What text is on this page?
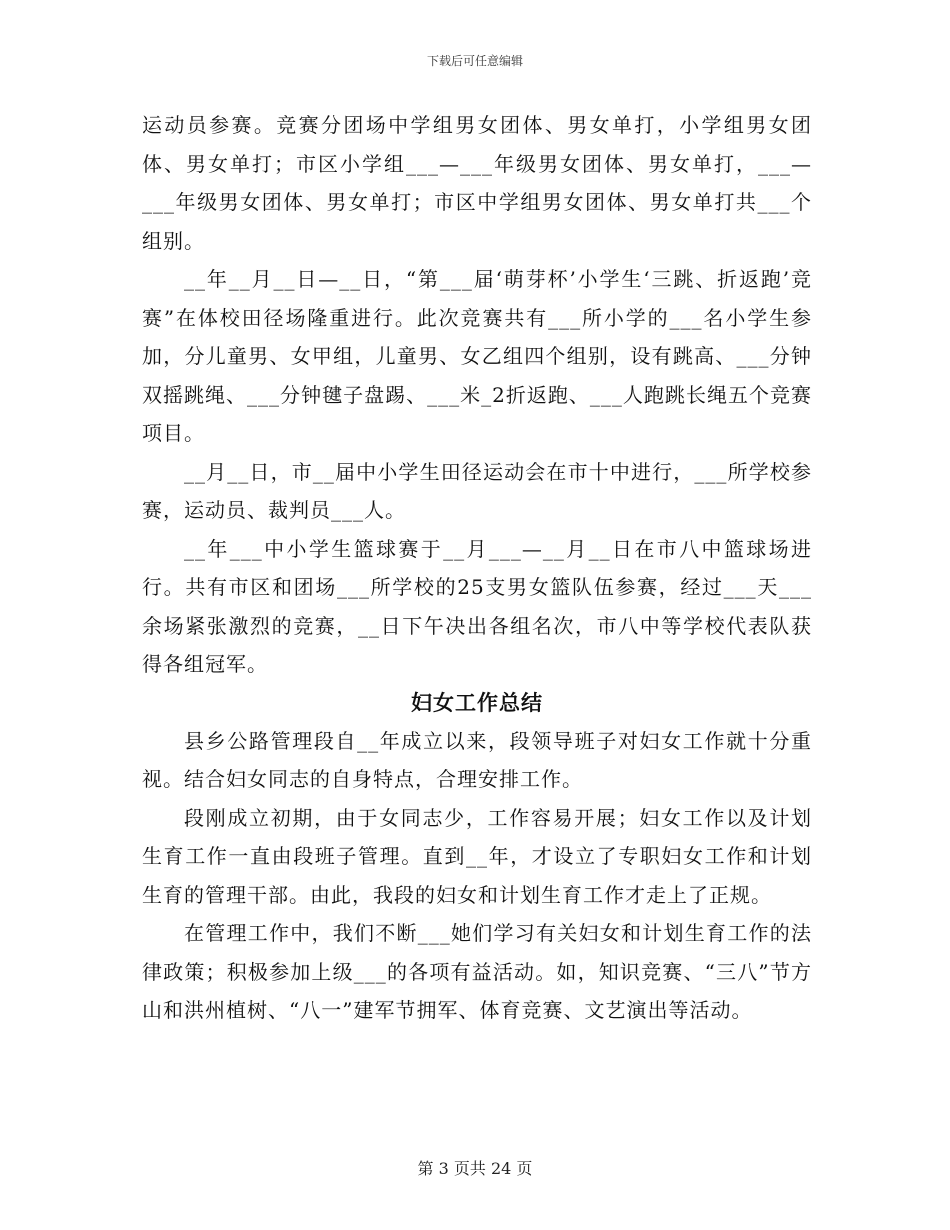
下载后可任意编辑

运动员参赛。竞赛分团场中学组男女团体、男女单打，小学组男女团体、男女单打；市区小学组___—___年级男女团体、男女单打，___—___年级男女团体、男女单打；市区中学组男女团体、男女单打共___个组别。

__年__月__日—__日，“第___届‘萌芽杯’小学生‘三跳、折返跑’竞赛”在体校田径场隆重进行。此次竞赛共有___所小学的___名小学生参加，分儿童男、女甲组，儿童男、女乙组四个组别，设有跳高、___分钟双摇跳绳、___分钟毽子盘踢、___米_2折返跑、___人跑跳长绳五个竞赛项目。

__月__日，市__届中小学生田径运动会在市十中进行，___所学校参赛，运动员、裁判员___人。

__年___中小学生篮球赛于__月___—__月__日在市八中篮球场进行。共有市区和团场___所学校的25支男女篮队伍参赛，经过___天___余场紧张激烈的竞赛，__日下午决出各组名次，市八中等学校代表队获得各组冠军。

妇女工作总结

县乡公路管理段自__年成立以来，段领导班子对妇女工作就十分重视。结合妇女同志的自身特点，合理安排工作。

段刚成立初期，由于女同志少，工作容易开展；妇女工作以及计划生育工作一直由段班子管理。直到__年，才设立了专职妇女工作和计划生育的管理干部。由此，我段的妇女和计划生育工作才走上了正规。

在管理工作中，我们不断___她们学习有关妇女和计划生育工作的法律政策；积极参加上级___的各项有益活动。如，知识竞赛、“三八”节方山和洪州植树、“八一”建军节拥军、体育竞赛、文艺演出等活动。

第 3 页共 24 页
